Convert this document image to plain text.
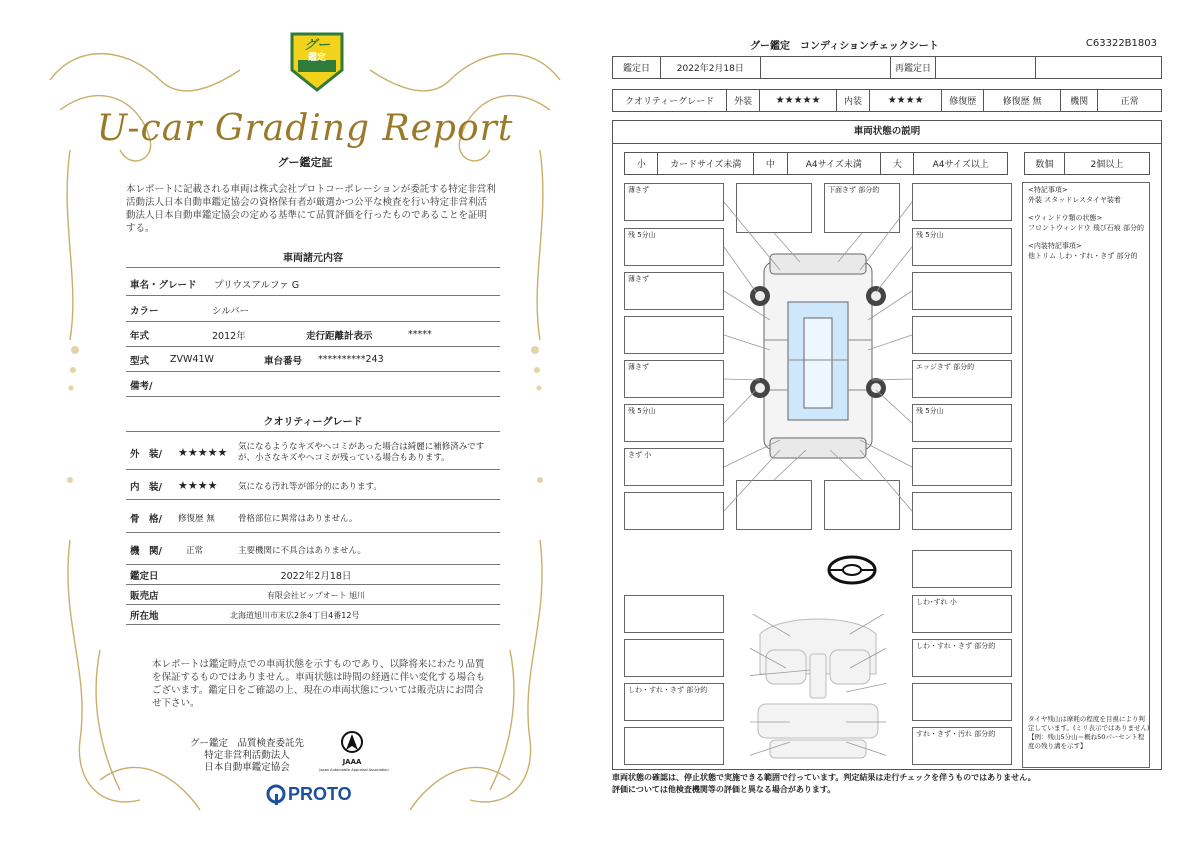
グー
鑑定
U-car Grading Report
グー鑑定証
本レポートに記載される車両は株式会社プロトコーポレーションが委託する特定非営利活動法人日本自動車鑑定協会の資格保有者が厳選かつ公平な検査を行い特定非営利活動法人日本自動車鑑定協会の定める基準にて品質評価を行ったものであることを証明する。
車両諸元内容
車名・グレード	プリウスアルファ G
カラー	シルバー
年式	2012年	走行距離計表示	*****
型式	ZVW41W	車台番号	**********243
備考/
クオリティーグレード
外　装/	★★★★★	気になるようなキズやへコミがあった場合は綺麗に補修済みですが、小さなキズやヘコミが残っている場合もあります。
内　装/	★★★★	気になる汚れ等が部分的にあります。
骨　格/	修復歴 無	骨格部位に異常はありません。
機　関/	正常	主要機関に不具合はありません。
鑑定日	2022年2月18日
販売店	有限会社ビップオート 旭川
所在地	北海道旭川市末広2条4丁目4番12号
本レポートは鑑定時点での車両状態を示すものであり、以降将来にわたり品質を保証するものではありません。車両状態は時間の経過に伴い変化する場合もございます。鑑定日をご確認の上、現在の車両状態については販売店にお問合せ下さい。
グー鑑定　品質検査委託先
特定非営利活動法人
日本自動車鑑定協会	JAAA
Japan Automobile Appraisal Association
PROTO
グー鑑定　コンディションチェックシート	C63322B1803
鑑定日	2022年2月18日		再鑑定日		
クオリティーグレード	外装	★★★★★	内装	★★★★	修復歴	修復歴 無	機関	正常
車両状態の説明
小	カードサイズ未満	中	A4サイズ未満	大	A4サイズ以上	数個	2個以上
<特記事項>
外装 スタッドレスタイヤ装着
<ウィンドウ類の状態>
フロントウィンドウ 飛び石痕 部分的
<内装特記事項>
他トリム しわ・すれ・きず 部分的
タイヤ残山は摩耗の程度を目視により判定しています。(ミリ表示ではありません)
【例：残山5分山＝概ね50パーセント程度の残り溝を示す】
薄きず	下面きず 部分的
残 5分山	残 5分山
薄きず
薄きず	エッジきず 部分的
残 5分山	残 5分山
きず 小
しわ･すれ 小
しわ・すれ・きず 部分的
しわ・すれ・きず 部分的
すれ・きず・汚れ 部分的
車両状態の確認は、停止状態で実施できる範囲で行っています。判定結果は走行チェックを伴うものではありません。
評価については他検査機関等の評価と異なる場合があります。
